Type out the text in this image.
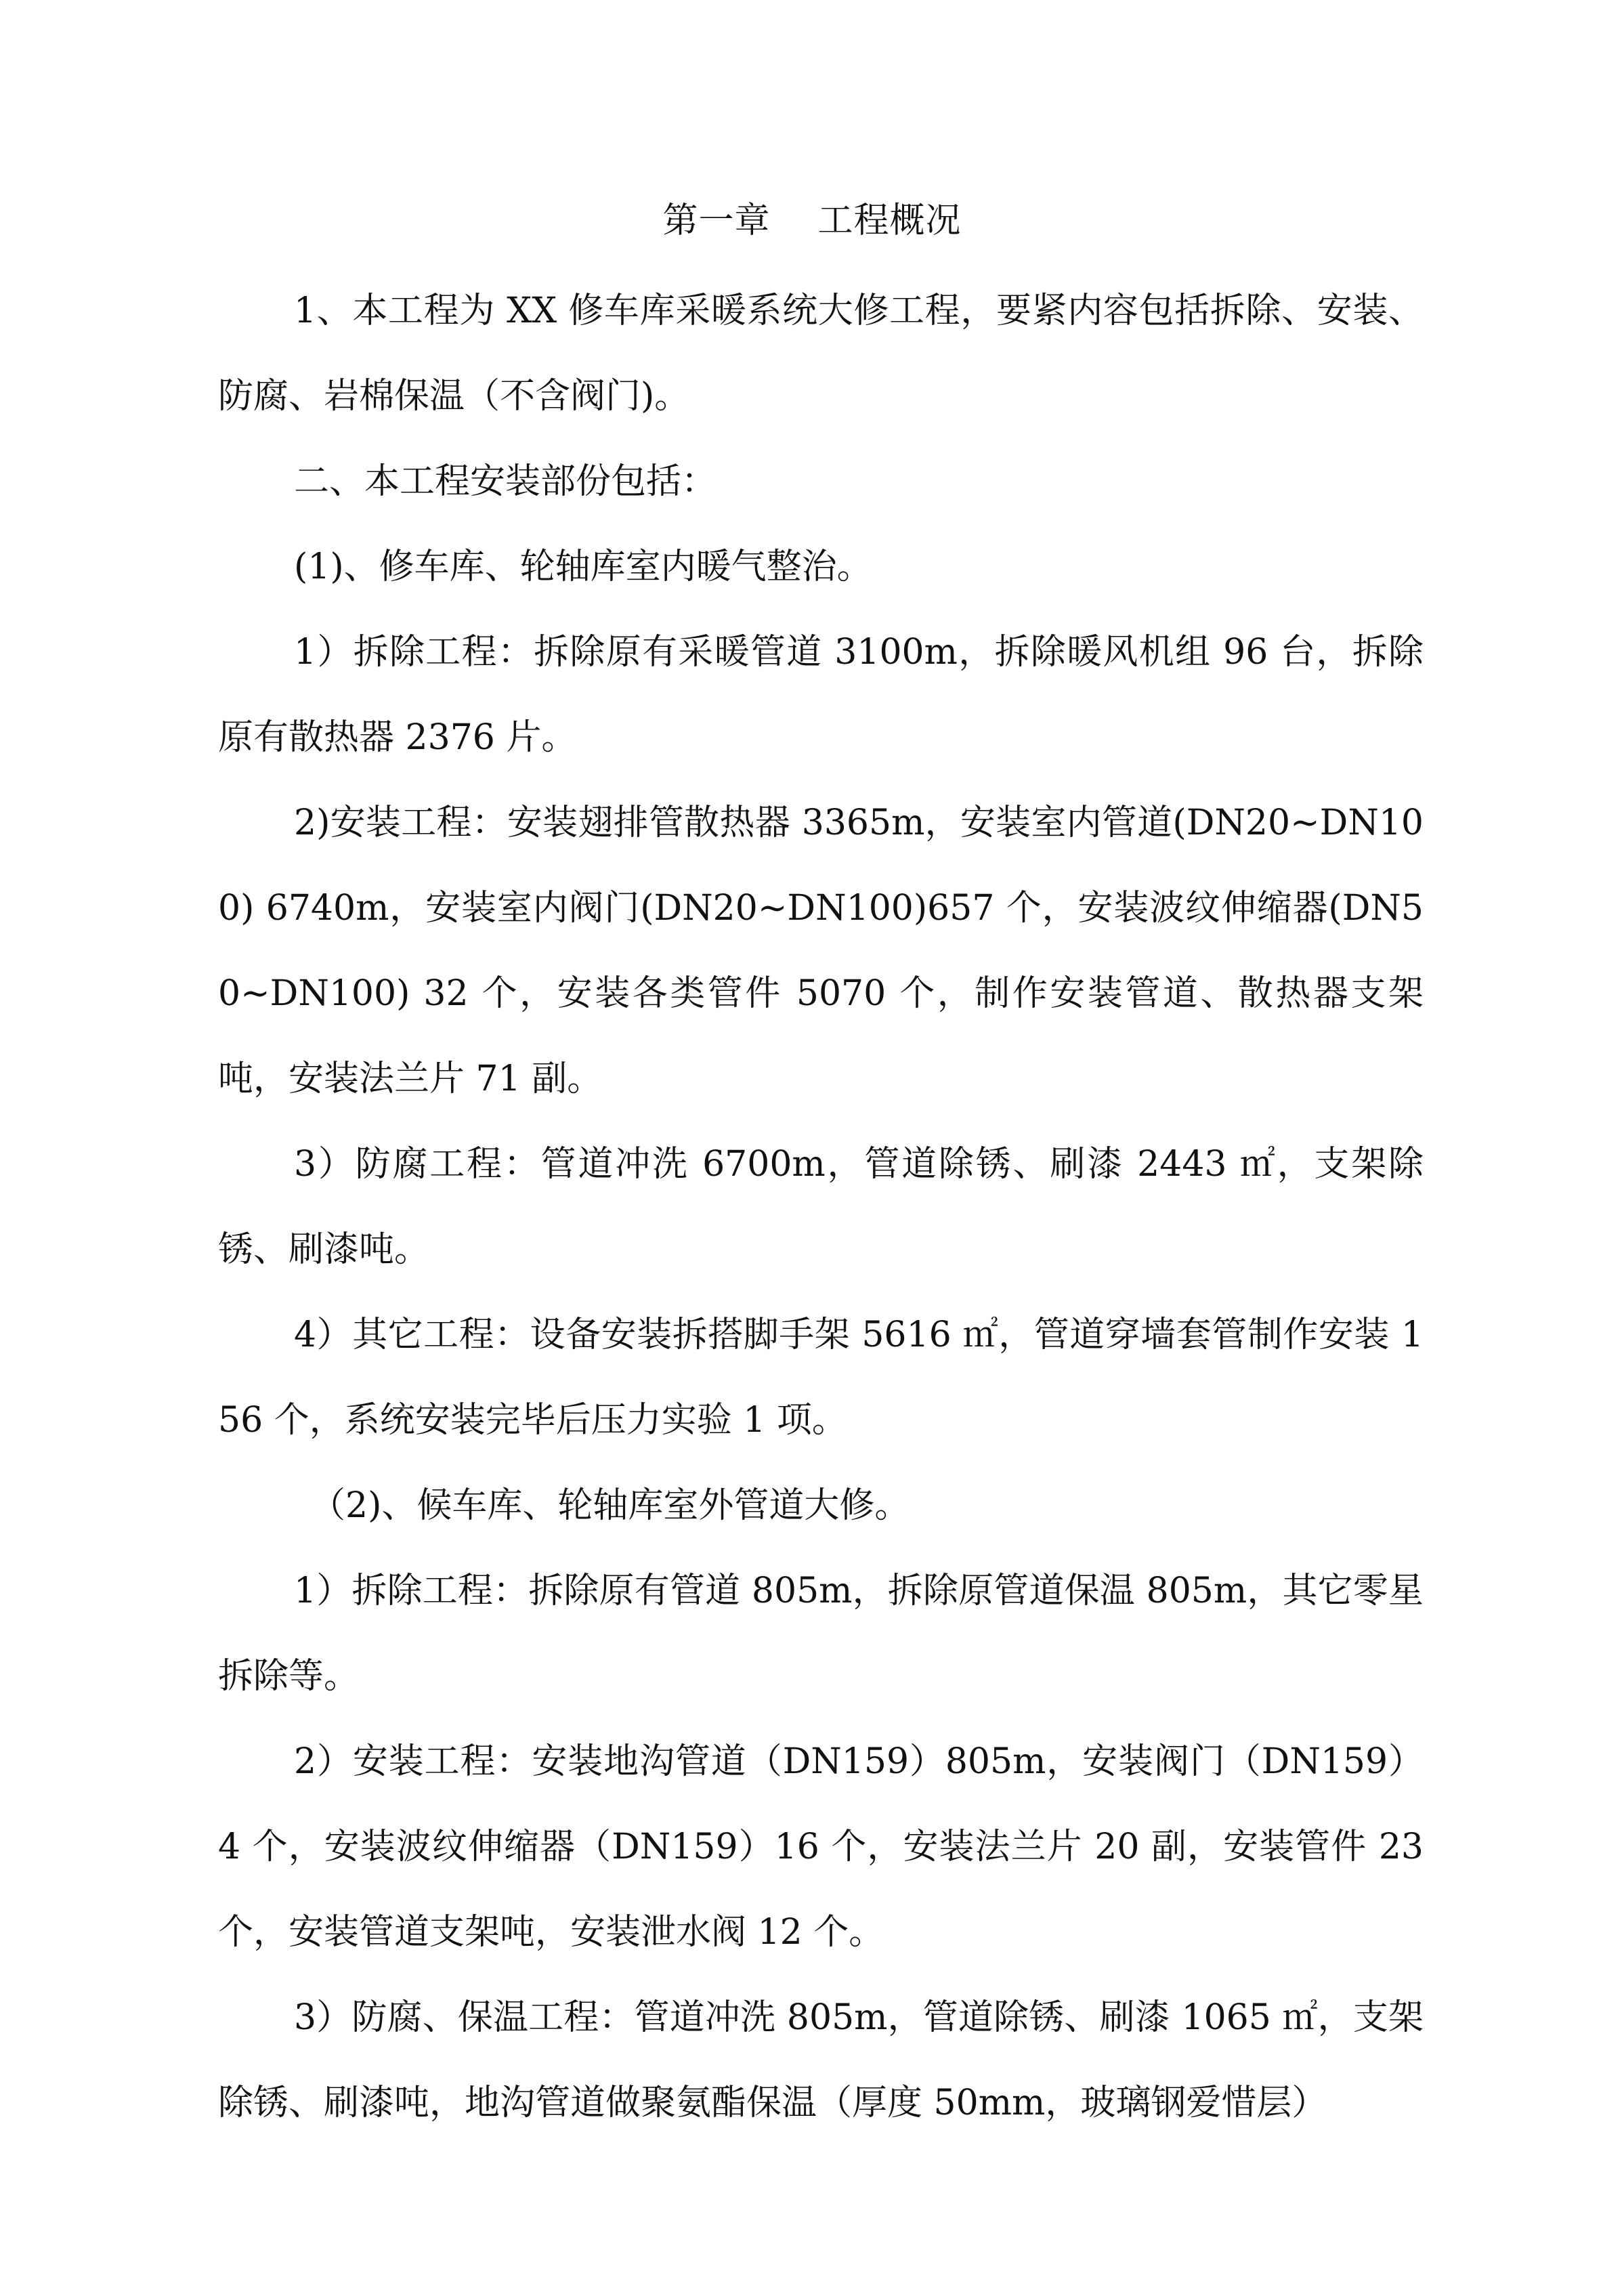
第一章    工程概况

1、本工程为 XX 修车库采暖系统大修工程，要紧内容包括拆除、安装、防腐、岩棉保温（不含阀门)。

二、本工程安装部份包括：

(1)、修车库、轮轴库室内暖气整治。

1）拆除工程：拆除原有采暖管道 3100m，拆除暖风机组 96 台，拆除原有散热器 2376 片。

2)安装工程：安装翅排管散热器 3365m，安装室内管道(DN20~DN100) 6740m，安装室内阀门(DN20~DN100)657 个，安装波纹伸缩器(DN50~DN100) 32 个，安装各类管件 5070 个，制作安装管道、散热器支架吨，安装法兰片 71 副。

3）防腐工程：管道冲洗 6700m，管道除锈、刷漆 2443 ㎡，支架除锈、刷漆吨。

4）其它工程：设备安装拆搭脚手架 5616 ㎡，管道穿墙套管制作安装 156 个，系统安装完毕后压力实验 1 项。

（2)、候车库、轮轴库室外管道大修。

1）拆除工程：拆除原有管道 805m，拆除原管道保温 805m，其它零星拆除等。

2）安装工程：安装地沟管道（DN159）805m，安装阀门（DN159）4 个，安装波纹伸缩器（DN159）16 个，安装法兰片 20 副，安装管件 23 个，安装管道支架吨，安装泄水阀 12 个。

3）防腐、保温工程：管道冲洗 805m，管道除锈、刷漆 1065 ㎡，支架除锈、刷漆吨，地沟管道做聚氨酯保温（厚度 50mm，玻璃钢爱惜层）
